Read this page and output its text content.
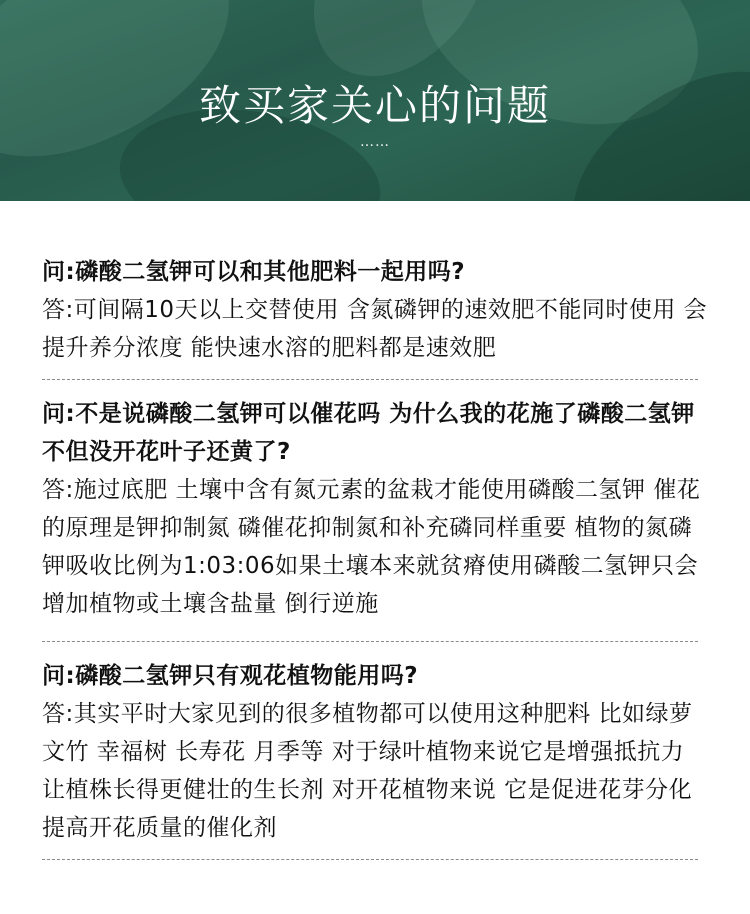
致买家关心的问题
……
问:磷酸二氢钾可以和其他肥料一起用吗?
答:可间隔10天以上交替使用 含氮磷钾的速效肥不能同时使用 会提升养分浓度 能快速水溶的肥料都是速效肥
问:不是说磷酸二氢钾可以催花吗 为什么我的花施了磷酸二氢钾不但没开花叶子还黄了?
答:施过底肥 土壤中含有氮元素的盆栽才能使用磷酸二氢钾 催花的原理是钾抑制氮 磷催花抑制氮和补充磷同样重要 植物的氮磷钾吸收比例为1:03:06如果土壤本来就贫瘠使用磷酸二氢钾只会增加植物或土壤含盐量 倒行逆施
问:磷酸二氢钾只有观花植物能用吗?
答:其实平时大家见到的很多植物都可以使用这种肥料 比如绿萝 文竹 幸福树 长寿花 月季等 对于绿叶植物来说它是增强抵抗力 让植株长得更健壮的生长剂 对开花植物来说 它是促进花芽分化 提高开花质量的催化剂
